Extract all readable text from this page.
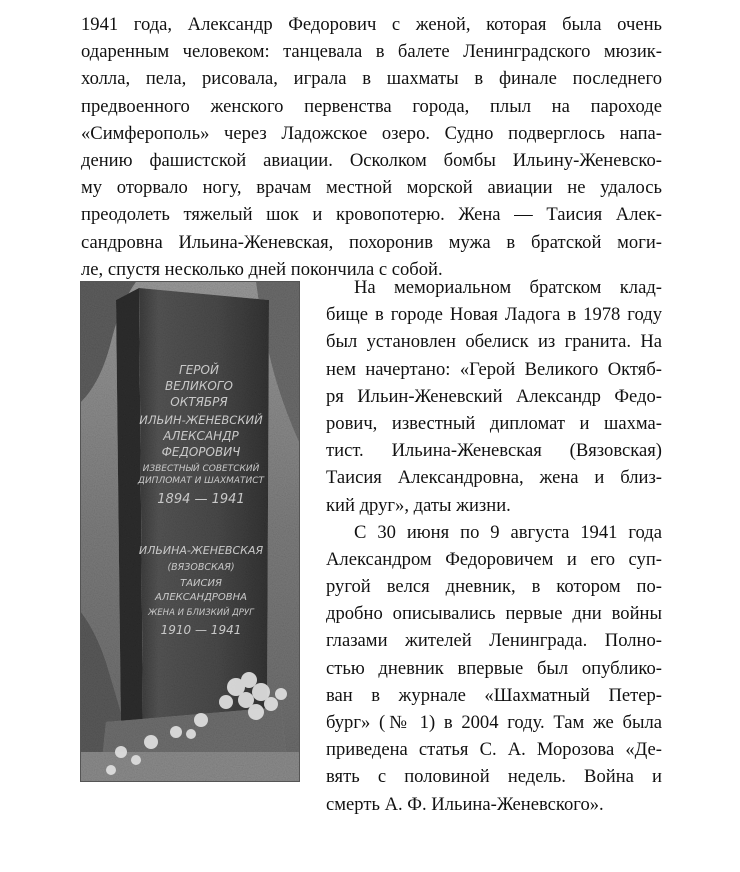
1941 года, Александр Федорович с женой, которая была очень
одаренным человеком: танцевала в балете Ленинградского мюзик-
холла, пела, рисовала, играла в шахматы в финале последнего
предвоенного женского первенства города, плыл на пароходе
«Симферополь» через Ладожское озеро. Судно подверглось напа-
дению фашистской авиации. Осколком бомбы Ильину-Женевско-
му оторвало ногу, врачам местной морской авиации не удалось
преодолеть тяжелый шок и кровопотерю. Жена — Таисия Алек-
сандровна Ильина-Женевская, похоронив мужа в братской моги-
ле, спустя несколько дней покончила с собой.
ГЕРОЙ
ВЕЛИКОГО
ОКТЯБРЯ
ИЛЬИН-ЖЕНЕВСКИЙ
АЛЕКСАНДР
ФЕДОРОВИЧ
ИЗВЕСТНЫЙ СОВЕТСКИЙ
ДИПЛОМАТ И ШАХМАТИСТ
1894 — 1941
ИЛЬИНА-ЖЕНЕВСКАЯ
(ВЯЗОВСКАЯ)
ТАИСИЯ
АЛЕКСАНДРОВНА
ЖЕНА И БЛИЗКИЙ ДРУГ
1910 — 1941
На мемориальном братском клад-
бище в городе Новая Ладога в 1978 году
был установлен обелиск из гранита. На
нем начертано: «Герой Великого Октяб-
ря Ильин-Женевский Александр Федо-
рович, известный дипломат и шахма-
тист. Ильина-Женевская (Вязовская)
Таисия Александровна, жена и близ-
кий друг», даты жизни.
С 30 июня по 9 августа 1941 года
Александром Федоровичем и его суп-
ругой велся дневник, в котором по-
дробно описывались первые дни войны
глазами жителей Ленинграда. Полно-
стью дневник впервые был опублико-
ван в журнале «Шахматный Петер-
бург» (№ 1) в 2004 году. Там же была
приведена статья С. А. Морозова «Де-
вять с половиной недель. Война и
смерть А. Ф. Ильина-Женевского».
